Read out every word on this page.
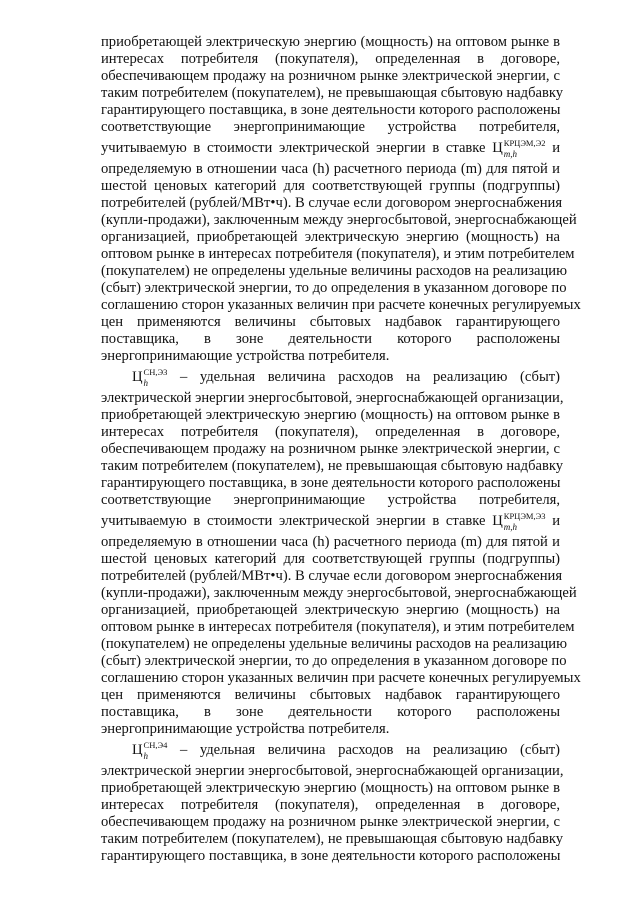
приобретающей электрическую энергию (мощность) на оптовом рынке в
интересах потребителя (покупателя), определенная в договоре,
обеспечивающем продажу на розничном рынке электрической энергии, с
таким потребителем (покупателем), не превышающая сбытовую надбавку
гарантирующего поставщика, в зоне деятельности которого расположены
соответствующие энергопринимающие устройства потребителя,
учитываемую в стоимости электрической энергии в ставке Ц КРЦЭМ,Э2
m,h	и
определяемую в отношении часа (h) расчетного периода (m) для пятой и
шестой ценовых категорий для соответствующей группы (подгруппы)
потребителей (рублей/МВт•ч). В случае если договором энергоснабжения
(купли-продажи), заключенным между энергосбытовой, энергоснабжающей
организацией, приобретающей электрическую энергию (мощность) на
оптовом рынке в интересах потребителя (покупателя), и этим потребителем
(покупателем) не определены удельные величины расходов на реализацию
(сбыт) электрической энергии, то до определения в указанном договоре по
соглашению сторон указанных величин при расчете конечных регулируемых
цен применяются величины сбытовых надбавок гарантирующего
поставщика, в зоне деятельности которого расположены
энергопринимающие устройства потребителя.
Ц СН,Э3
h	– удельная величина расходов на реализацию (сбыт)
электрической энергии энергосбытовой, энергоснабжающей организации,
приобретающей электрическую энергию (мощность) на оптовом рынке в
интересах потребителя (покупателя), определенная в договоре,
обеспечивающем продажу на розничном рынке электрической энергии, с
таким потребителем (покупателем), не превышающая сбытовую надбавку
гарантирующего поставщика, в зоне деятельности которого расположены
соответствующие энергопринимающие устройства потребителя,
учитываемую в стоимости электрической энергии в ставке Ц КРЦЭМ,Э3
m,h	и
определяемую в отношении часа (h) расчетного периода (m) для пятой и
шестой ценовых категорий для соответствующей группы (подгруппы)
потребителей (рублей/МВт•ч). В случае если договором энергоснабжения
(купли-продажи), заключенным между энергосбытовой, энергоснабжающей
организацией, приобретающей электрическую энергию (мощность) на
оптовом рынке в интересах потребителя (покупателя), и этим потребителем
(покупателем) не определены удельные величины расходов на реализацию
(сбыт) электрической энергии, то до определения в указанном договоре по
соглашению сторон указанных величин при расчете конечных регулируемых
цен применяются величины сбытовых надбавок гарантирующего
поставщика, в зоне деятельности которого расположены
энергопринимающие устройства потребителя.
Ц СН,Э4
h	– удельная величина расходов на реализацию (сбыт)
электрической энергии энергосбытовой, энергоснабжающей организации,
приобретающей электрическую энергию (мощность) на оптовом рынке в
интересах потребителя (покупателя), определенная в договоре,
обеспечивающем продажу на розничном рынке электрической энергии, с
таким потребителем (покупателем), не превышающая сбытовую надбавку
гарантирующего поставщика, в зоне деятельности которого расположены
